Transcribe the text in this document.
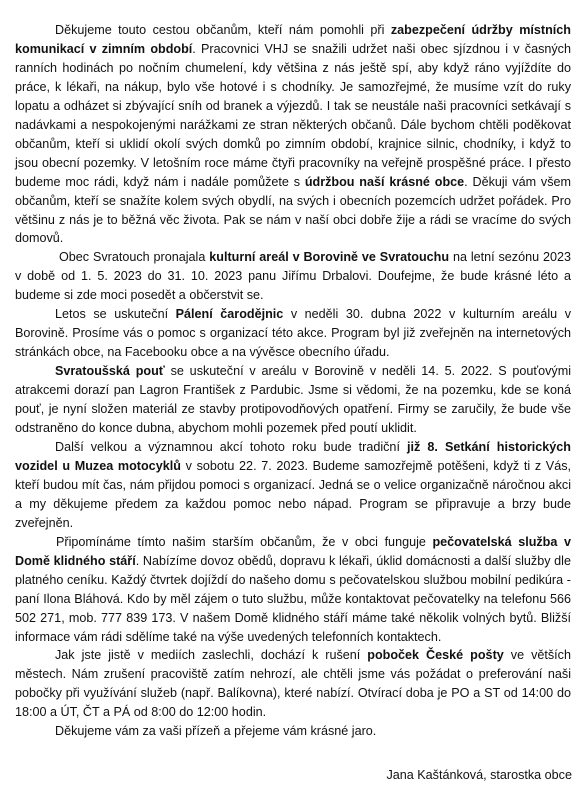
Děkujeme touto cestou občanům, kteří nám pomohli při zabezpečení údržby místních komunikací v zimním období. Pracovnici VHJ se snažili udržet naši obec sjízdnou i v časných ranních hodinách po nočním chumelení, kdy většina z nás ještě spí, aby když ráno vyjíždíte do práce, k lékaři, na nákup, bylo vše hotové i s chodníky. Je samozřejmé, že musíme vzít do ruky lopatu a odházet si zbývající sníh od branek a výjezdů. I tak se neustále naši pracovníci setkávají s nadávkami a nespokojenými narážkami ze stran některých občanů. Dále bychom chtěli poděkovat občanům, kteří si uklidí okolí svých domků po zimním období, krajnice silnic, chodníky, i když to jsou obecní pozemky. V letošním roce máme čtyři pracovníky na veřejně prospěšné práce. I přesto budeme moc rádi, když nám i nadále pomůžete s údržbou naší krásné obce. Děkuji vám všem občanům, kteří se snažíte kolem svých obydlí, na svých i obecních pozemcích udržet pořádek. Pro většinu z nás je to běžná věc života. Pak se nám v naší obci dobře žije a rádi se vracíme do svých domovů.

Obec Svratouch pronajala kulturní areál v Borovině ve Svratouchu na letní sezónu 2023 v době od 1. 5. 2023 do 31. 10. 2023 panu Jiřímu Drbalovi. Doufejme, že bude krásné léto a budeme si zde moci posedět a občerstvit se.

Letos se uskuteční Pálení čarodějnic v neděli 30. dubna 2022 v kulturním areálu v Borovině. Prosíme vás o pomoc s organizací této akce. Program byl již zveřejněn na internetových stránkách obce, na Facebooku obce a na vývěsce obecního úřadu.

Svratoušská pouť se uskuteční v areálu v Borovině v neděli 14. 5. 2022. S pouťovými atrakcemi dorazí pan Lagron František z Pardubic. Jsme si vědomi, že na pozemku, kde se koná pouť, je nyní složen materiál ze stavby protipovodňových opatření. Firmy se zaručily, že bude vše odstraněno do konce dubna, abychom mohli pozemek před poutí uklidit.

Další velkou a významnou akcí tohoto roku bude tradiční již 8. Setkání historických vozidel u Muzea motocyklů v sobotu 22. 7. 2023. Budeme samozřejmě potěšeni, když ti z Vás, kteří budou mít čas, nám přijdou pomoci s organizací. Jedná se o velice organizačně náročnou akci a my děkujeme předem za každou pomoc nebo nápad. Program se připravuje a brzy bude zveřejněn.

Připomínáme tímto našim starším občanům, že v obci funguje pečovatelská služba v Domě klidného stáří. Nabízíme dovoz obědů, dopravu k lékaři, úklid domácnosti a další služby dle platného ceníku. Každý čtvrtek dojíždí do našeho domu s pečovatelskou službou mobilní pedikúra - paní Ilona Bláhová. Kdo by měl zájem o tuto službu, může kontaktovat pečovatelky na telefonu 566 502 271, mob. 777 839 173. V našem Domě klidného stáří máme také několik volných bytů. Bližší informace vám rádi sdělíme také na výše uvedených telefonních kontaktech.

Jak jste jistě v mediích zaslechli, dochází k rušení poboček České pošty ve větších městech. Nám zrušení pracoviště zatím nehrozí, ale chtěli jsme vás požádat o preferování naši pobočky při využívání služeb (např. Balíkovna), které nabízí. Otvírací doba je PO a ST od 14:00 do 18:00 a ÚT, ČT a PÁ od 8:00 do 12:00 hodin.

Děkujeme vám za vaši přízeň a přejeme vám krásné jaro.

Jana Kaštánková, starostka obce
